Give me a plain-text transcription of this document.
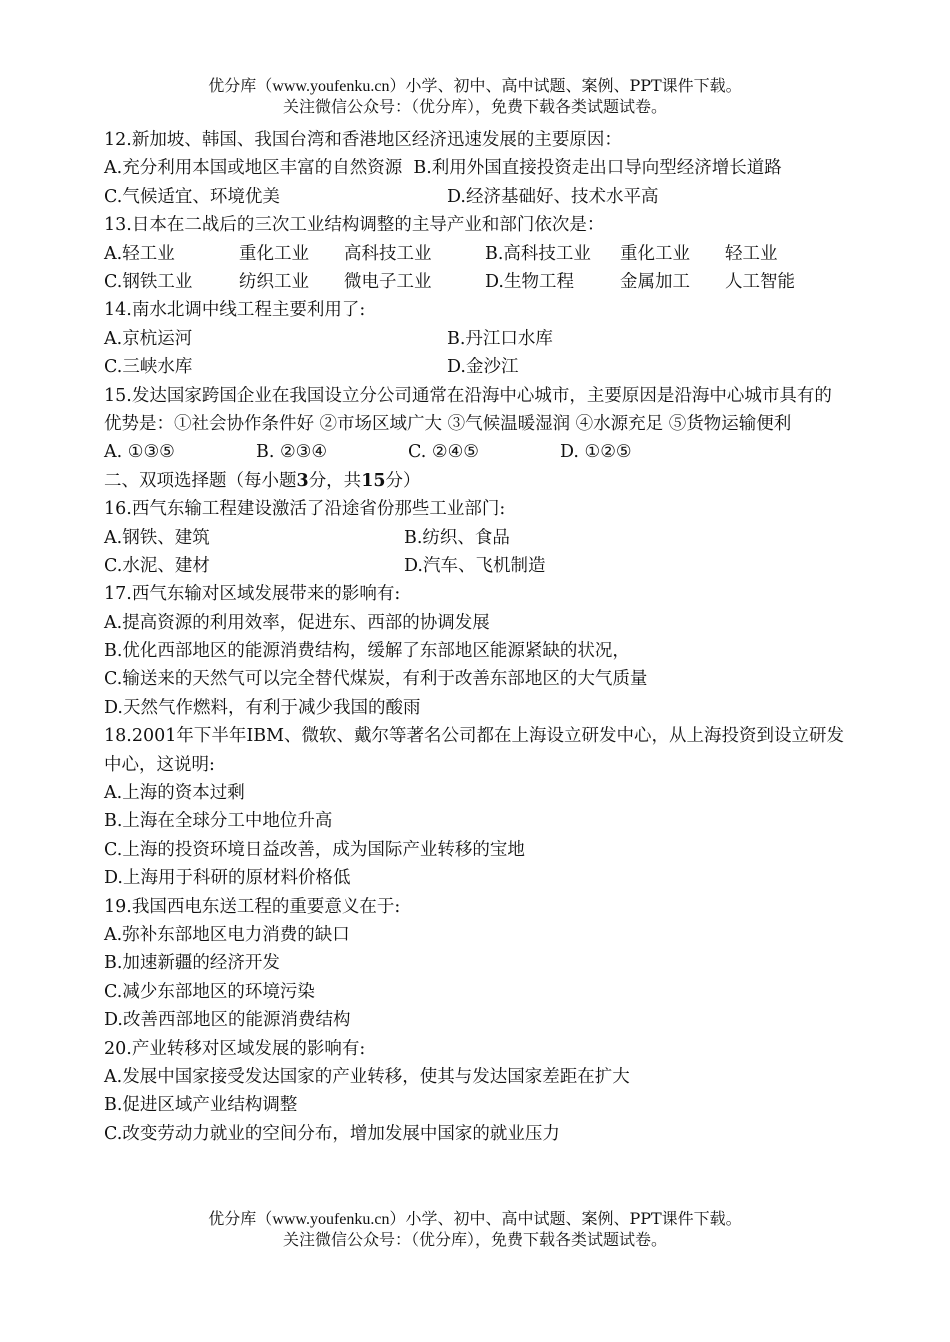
优分库（www.youfenku.cn）小学、初中、高中试题、案例、PPT课件下载。
关注微信公众号：（优分库），免费下载各类试题试卷。
12.新加坡、韩国、我国台湾和香港地区经济迅速发展的主要原因：
A.充分利用本国或地区丰富的自然资源 B.利用外国直接投资走出口导向型经济增长道路
C.气候适宜、环境优美	D.经济基础好、技术水平高
13.日本在二战后的三次工业结构调整的主导产业和部门依次是：
A.轻工业	重化工业	高科技工业	B.高科技工业	重化工业	轻工业
C.钢铁工业	纺织工业	微电子工业	D.生物工程	金属加工	人工智能
14.南水北调中线工程主要利用了:
A.京杭运河	B.丹江口水库
C.三峡水库	D.金沙江
15.发达国家跨国企业在我国设立分公司通常在沿海中心城市，主要原因是沿海中心城市具有的优势是：①社会协作条件好 ②市场区域广大 ③气候温暖湿润 ④水源充足 ⑤货物运输便利
A. ①③⑤	B. ②③④	C. ②④⑤	D. ①②⑤
二、双项选择题（每小题3分，共15分）
16.西气东输工程建设激活了沿途省份那些工业部门:
A.钢铁、建筑	B.纺织、食品
C.水泥、建材	D.汽车、飞机制造
17.西气东输对区域发展带来的影响有:
A.提高资源的利用效率，促进东、西部的协调发展
B.优化西部地区的能源消费结构，缓解了东部地区能源紧缺的状况，
C.输送来的天然气可以完全替代煤炭，有利于改善东部地区的大气质量
D.天然气作燃料，有利于减少我国的酸雨
18.2001年下半年IBM、微软、戴尔等著名公司都在上海设立研发中心，从上海投资到设立研发中心，这说明:
A.上海的资本过剩
B.上海在全球分工中地位升高
C.上海的投资环境日益改善，成为国际产业转移的宝地
D.上海用于科研的原材料价格低
19.我国西电东送工程的重要意义在于:
A.弥补东部地区电力消费的缺口
B.加速新疆的经济开发
C.减少东部地区的环境污染
D.改善西部地区的能源消费结构
20.产业转移对区域发展的影响有:
A.发展中国家接受发达国家的产业转移，使其与发达国家差距在扩大
B.促进区域产业结构调整
C.改变劳动力就业的空间分布，增加发展中国家的就业压力
优分库（www.youfenku.cn）小学、初中、高中试题、案例、PPT课件下载。
关注微信公众号：（优分库），免费下载各类试题试卷。
